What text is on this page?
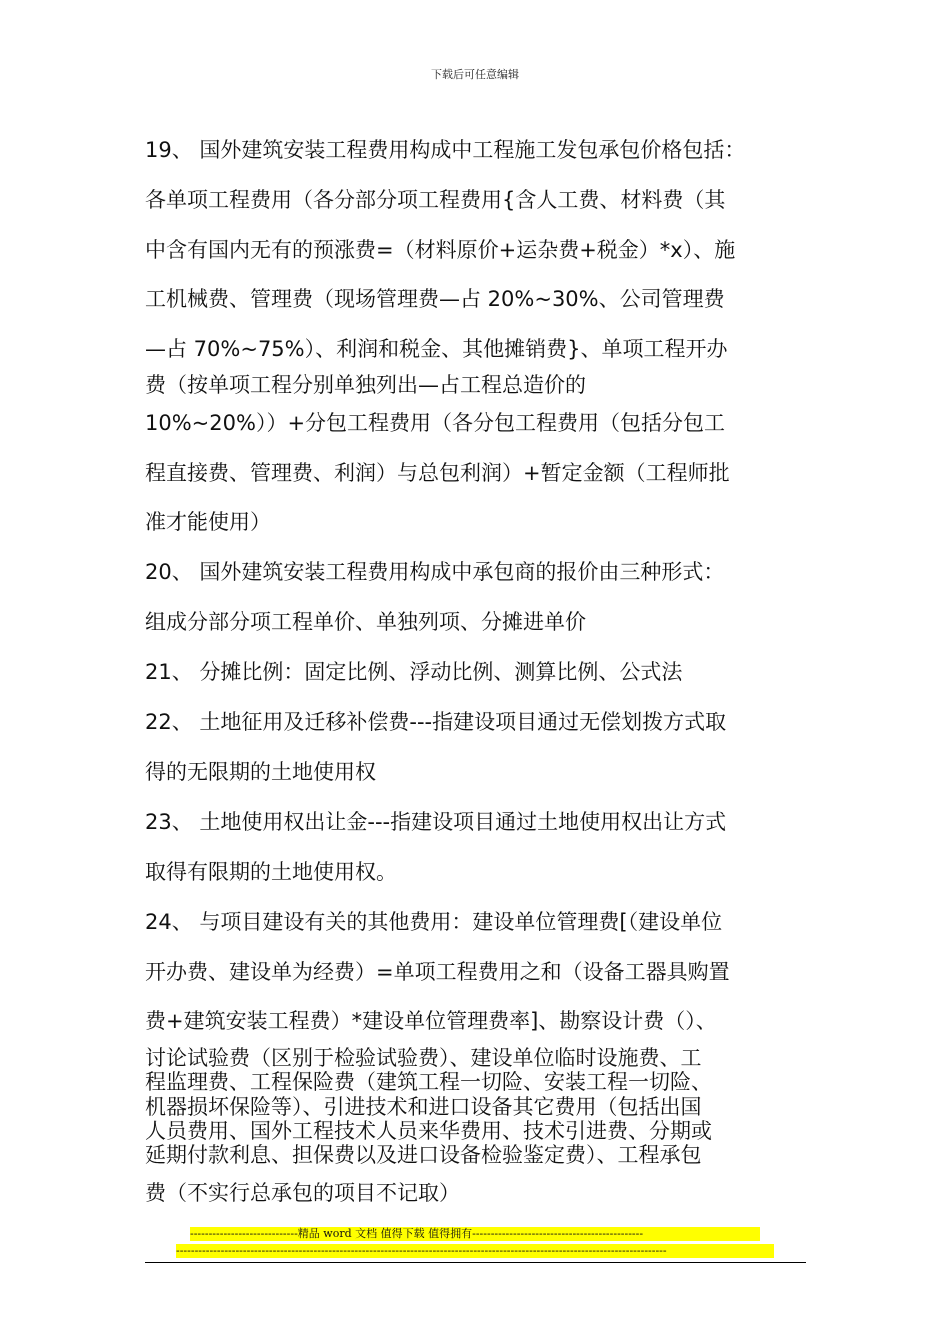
下载后可任意编辑
19、 国外建筑安装工程费用构成中工程施工发包承包价格包括：
各单项工程费用（各分部分项工程费用{含人工费、材料费（其
中含有国内无有的预涨费=（材料原价+运杂费+税金）*x）、施
工机械费、管理费（现场管理费—占 20%~30%、公司管理费
—占 70%~75%）、利润和税金、其他摊销费}、单项工程开办
费（按单项工程分别单独列出—占工程总造价的
10%~20%））+分包工程费用（各分包工程费用（包括分包工
程直接费、管理费、利润）与总包利润）+暂定金额（工程师批
准才能使用）
20、 国外建筑安装工程费用构成中承包商的报价由三种形式：
组成分部分项工程单价、单独列项、分摊进单价
21、 分摊比例：固定比例、浮动比例、测算比例、公式法
22、 土地征用及迁移补偿费---指建设项目通过无偿划拨方式取
得的无限期的土地使用权
23、 土地使用权出让金---指建设项目通过土地使用权出让方式
取得有限期的土地使用权。
24、 与项目建设有关的其他费用：建设单位管理费[（建设单位
开办费、建设单为经费）=单项工程费用之和（设备工器具购置
费+建筑安装工程费）*建设单位管理费率]、勘察设计费（）、
讨论试验费（区别于检验试验费）、建设单位临时设施费、工
程监理费、工程保险费（建筑工程一切险、安装工程一切险、
机器损坏保险等）、引进技术和进口设备其它费用（包括出国
人员费用、国外工程技术人员来华费用、技术引进费、分期或
延期付款利息、担保费以及进口设备检验鉴定费）、工程承包
费（不实行总承包的项目不记取）
-----------------------------精品 word 文档 值得下载 值得拥有----------------------------------------------
------------------------------------------------------------------------------------------------------------------------------------
